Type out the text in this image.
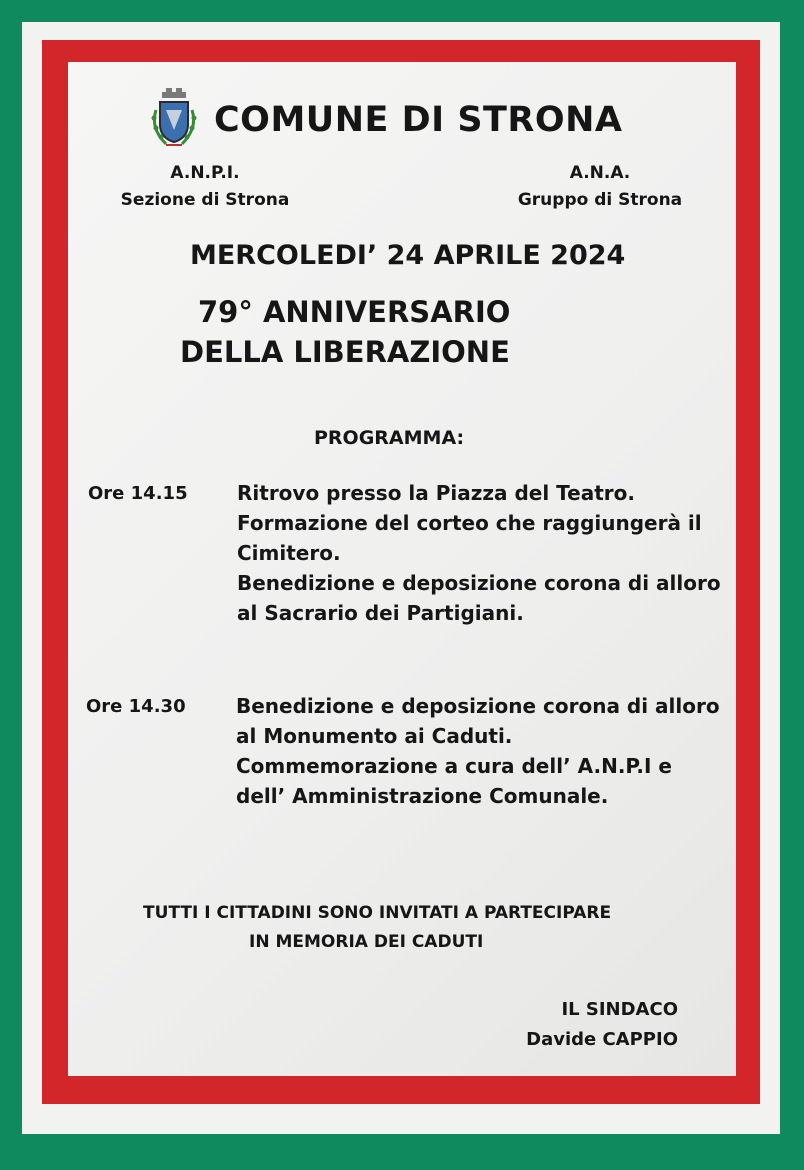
COMUNE DI STRONA
A.N.P.I.
Sezione di Strona
A.N.A.
Gruppo di Strona
MERCOLEDI’ 24 APRILE 2024
79° ANNIVERSARIO
DELLA LIBERAZIONE
PROGRAMMA:
Ore 14.15 Ritrovo presso la Piazza del Teatro.
Formazione del corteo che raggiungerà il
Cimitero.
Benedizione e deposizione corona di alloro
al Sacrario dei Partigiani.
Ore 14.30	Benedizione e deposizione corona di alloro
al Monumento ai Caduti.
Commemorazione a cura dell’ A.N.P.I e
dell’ Amministrazione Comunale.
TUTTI I CITTADINI SONO INVITATI A PARTECIPARE
IN MEMORIA DEI CADUTI
IL SINDACO
Davide CAPPIO
